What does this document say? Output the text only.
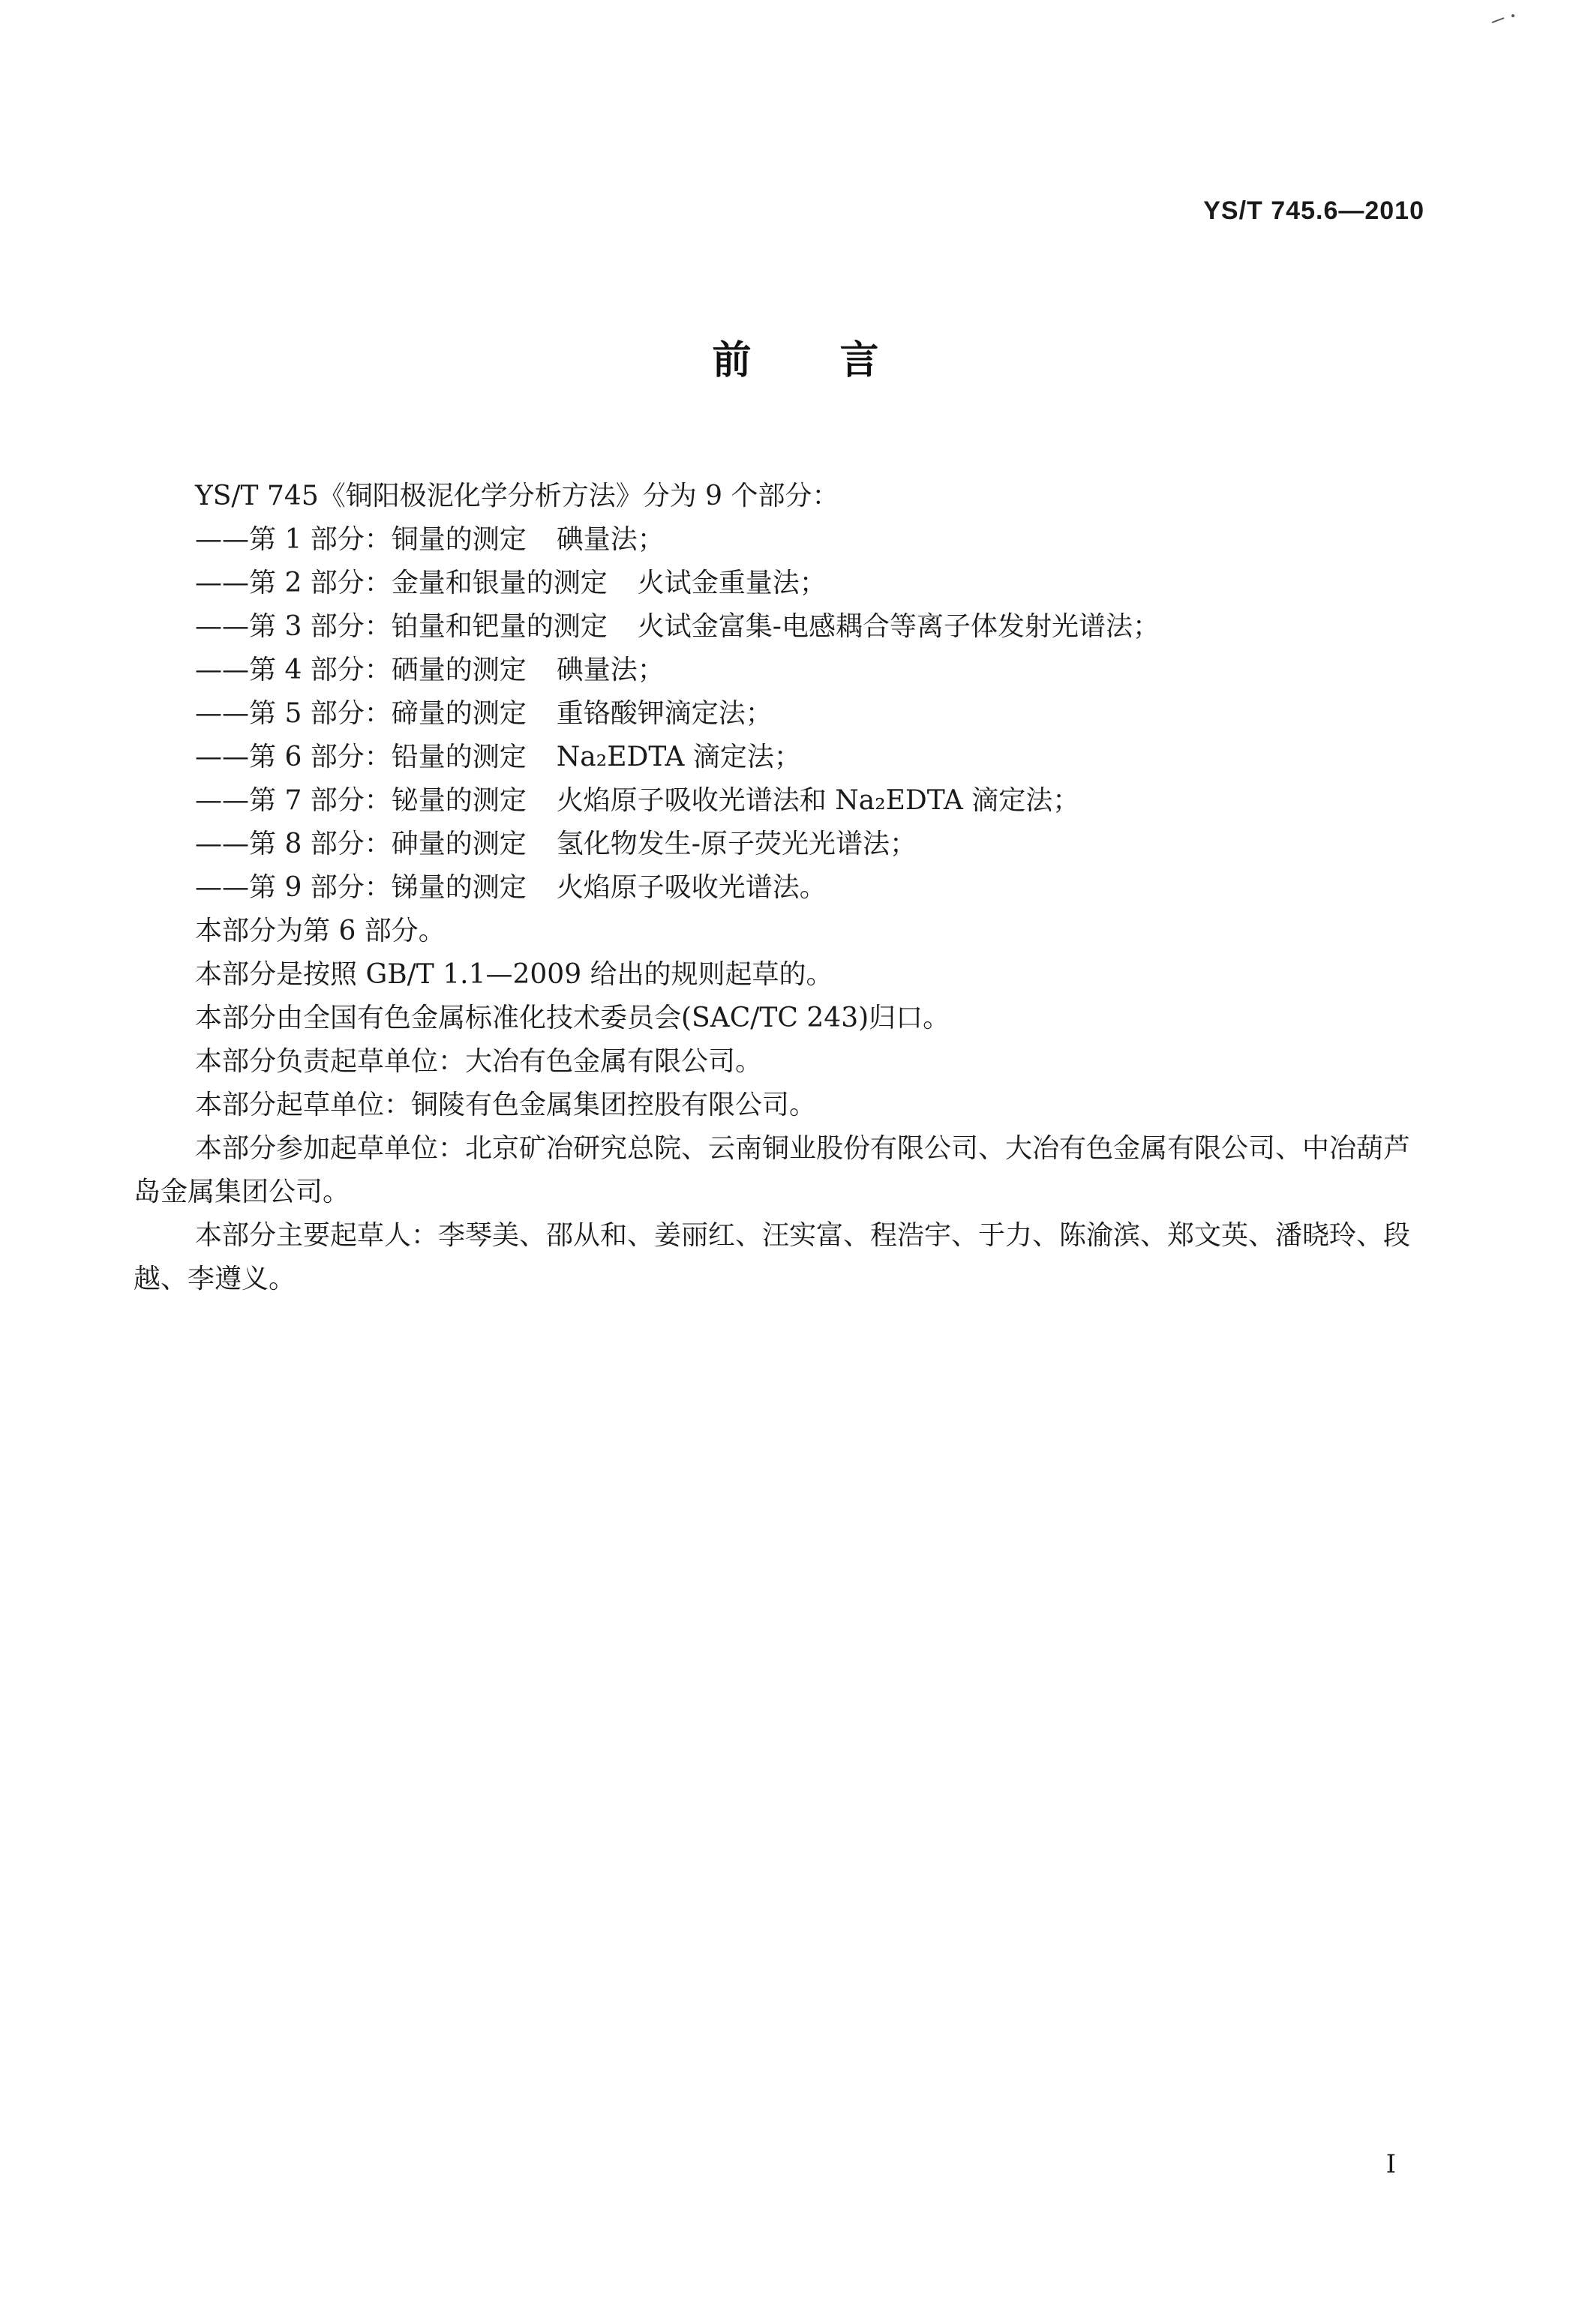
YS/T 745.6—2010
前言

YS/T 745《铜阳极泥化学分析方法》分为 9 个部分：

——第 1 部分：铜量的测定 碘量法；
——第 2 部分：金量和银量的测定 火试金重量法；
——第 3 部分：铂量和钯量的测定 火试金富集-电感耦合等离子体发射光谱法；
——第 4 部分：硒量的测定 碘量法；
——第 5 部分：碲量的测定 重铬酸钾滴定法；
——第 6 部分：铅量的测定 Na₂EDTA 滴定法；
——第 7 部分：铋量的测定 火焰原子吸收光谱法和 Na₂EDTA 滴定法；
——第 8 部分：砷量的测定 氢化物发生-原子荧光光谱法；
——第 9 部分：锑量的测定 火焰原子吸收光谱法。

本部分为第 6 部分。

本部分是按照 GB/T 1.1—2009 给出的规则起草的。

本部分由全国有色金属标准化技术委员会(SAC/TC 243)归口。

本部分负责起草单位：大冶有色金属有限公司。

本部分起草单位：铜陵有色金属集团控股有限公司。

本部分参加起草单位：北京矿冶研究总院、云南铜业股份有限公司、大冶有色金属有限公司、中冶葫芦岛金属集团公司。

本部分主要起草人：李琴美、邵从和、姜丽红、汪实富、程浩宇、于力、陈渝滨、郑文英、潘晓玲、段越、李遵义。

I
